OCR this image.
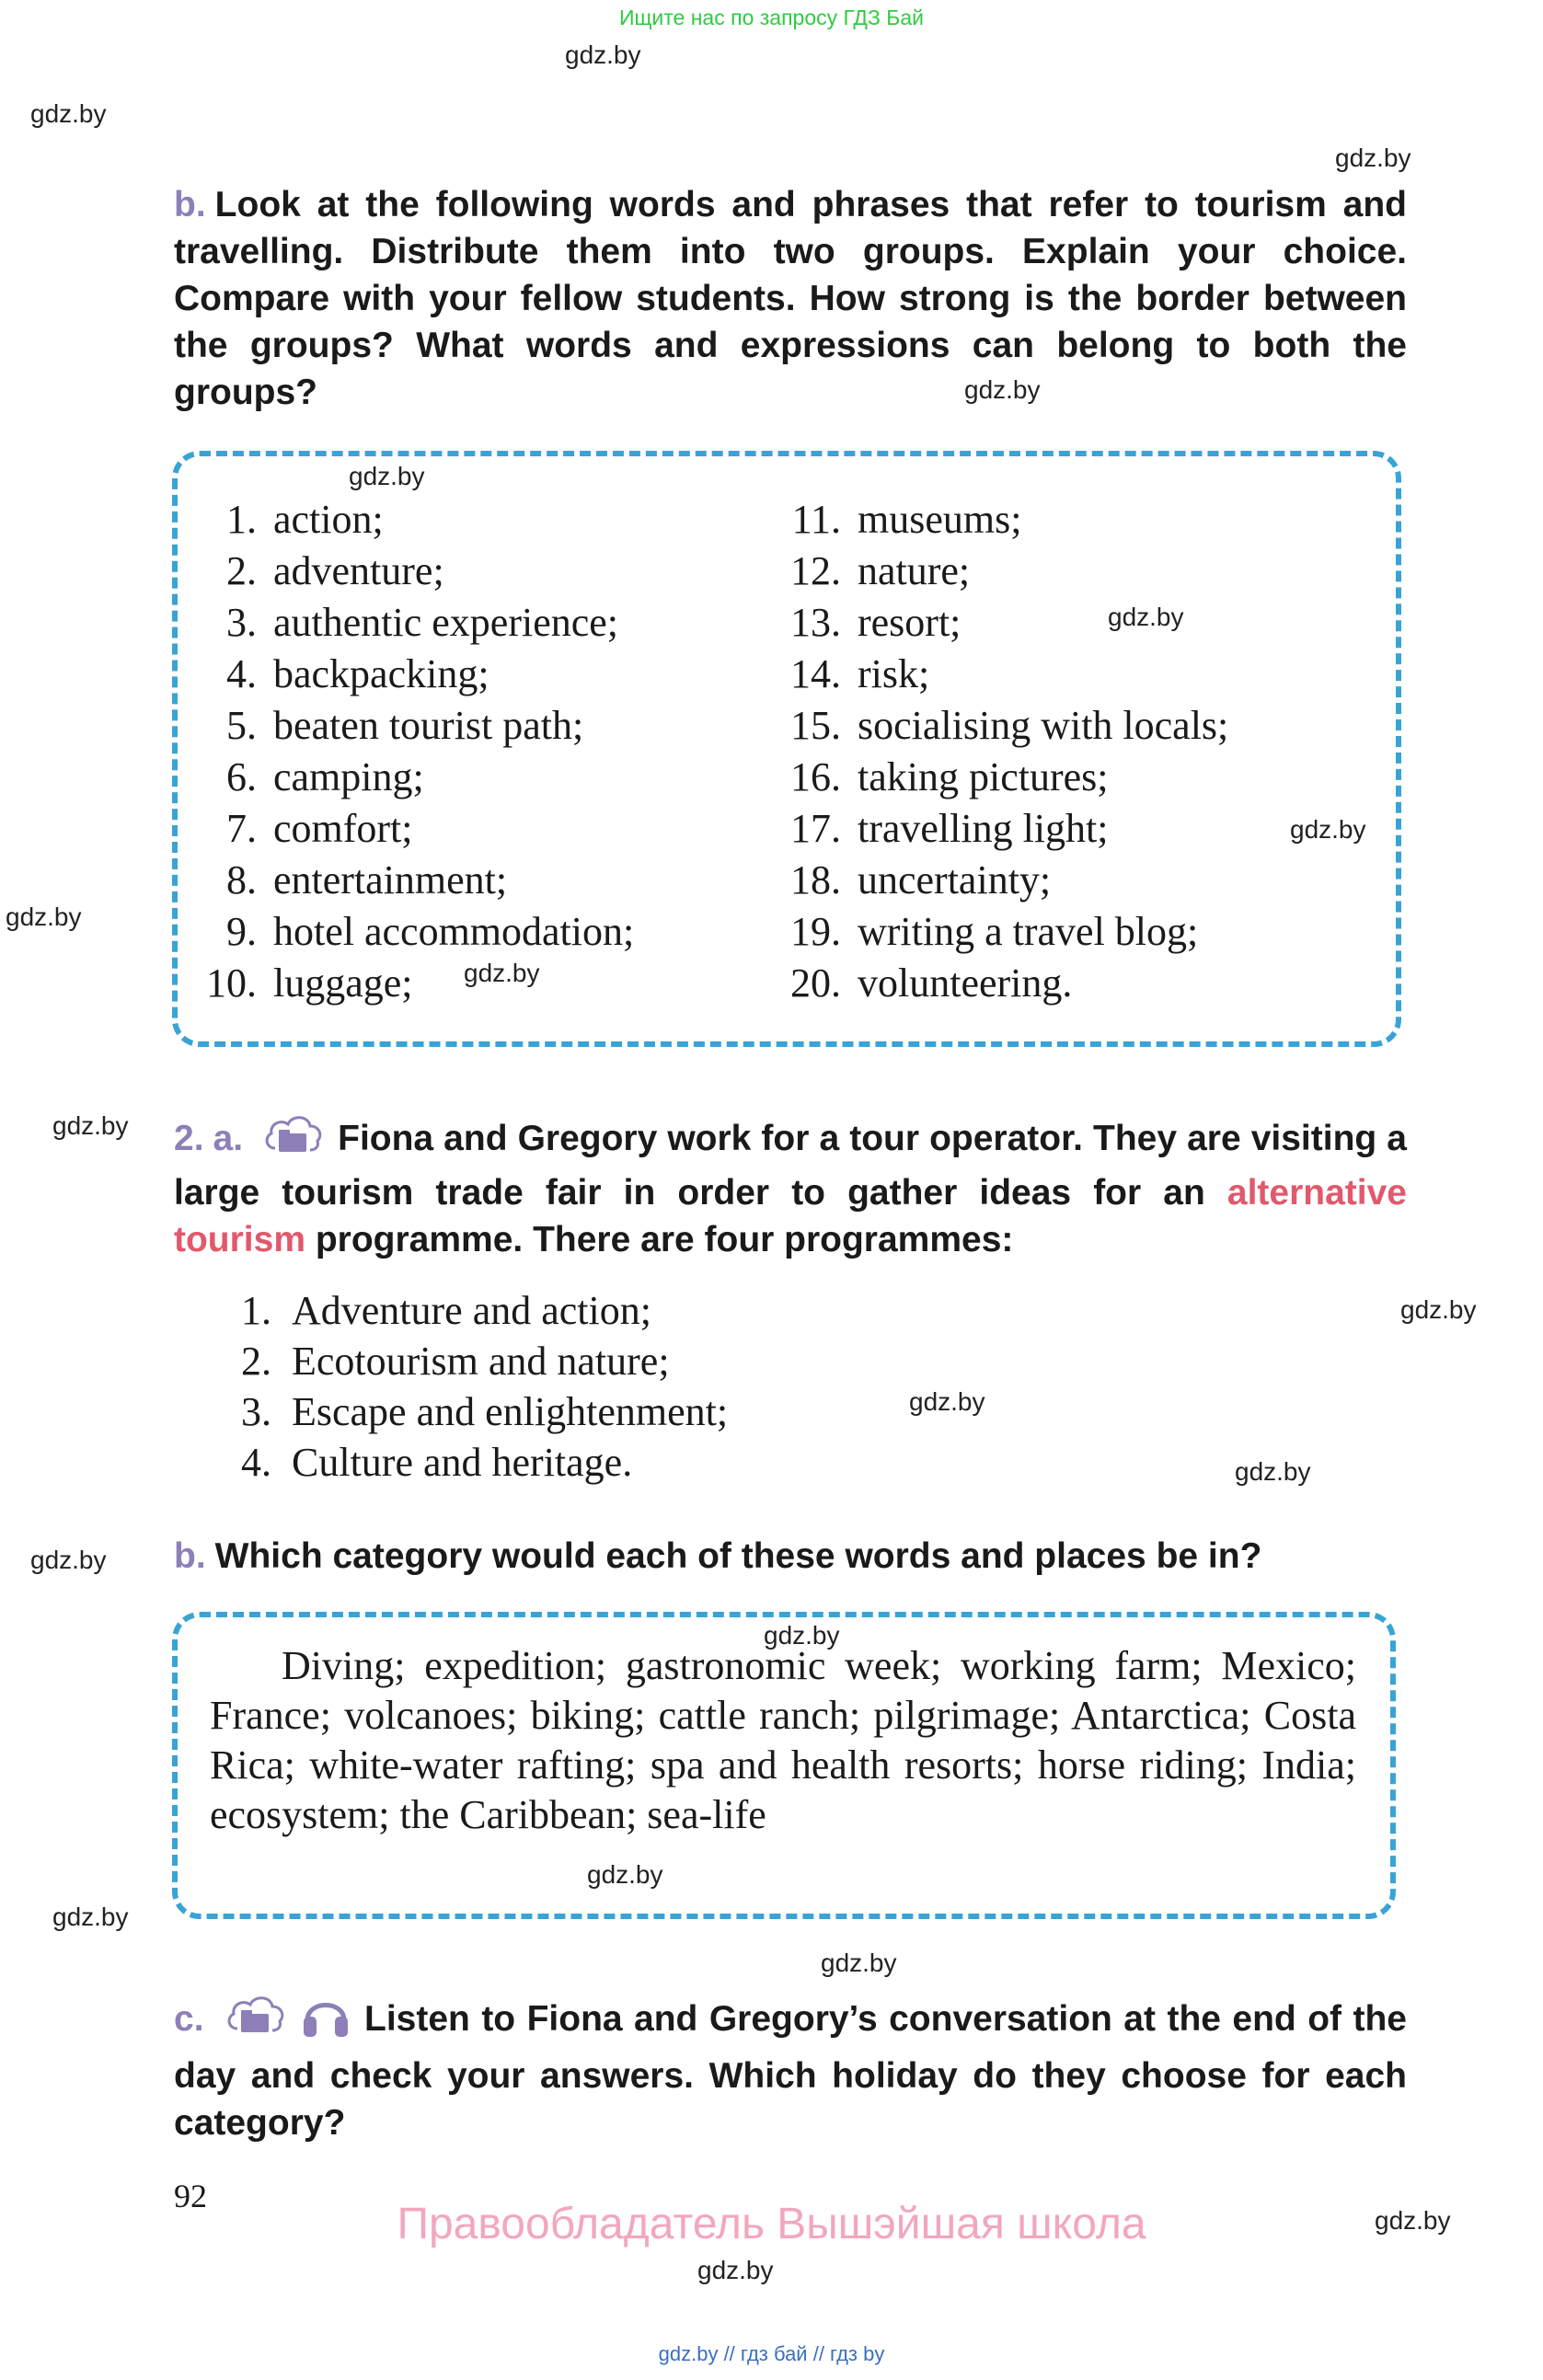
Ищите нас по запросу ГДЗ Бай
gdz.by
gdz.by
gdz.by
gdz.by
gdz.by
gdz.by
gdz.by
gdz.by
gdz.by
gdz.by
gdz.by
gdz.by
gdz.by
gdz.by
gdz.by
gdz.by
gdz.by
gdz.by
gdz.by
gdz.by
b. Look at the following words and phrases that refer to tourism and travelling. Distribute them into two groups. Explain your choice. Compare with your fellow students. How strong is the border between the groups? What words and expressions can belong to both the groups?
1. action;
2. adventure;
3. authentic experience;
4. backpacking;
5. beaten tourist path;
6. camping;
7. comfort;
8. entertainment;
9. hotel accommodation;
10. luggage;
11. museums;
12. nature;
13. resort;
14. risk;
15. socialising with locals;
16. taking pictures;
17. travelling light;
18. uncertainty;
19. writing a travel blog;
20. volunteering.
2. a.	Fiona and Gregory work for a tour operator. They are visiting a large tourism trade fair in order to gather ideas for an alternative tourism programme. There are four programmes:
1. Adventure and action;
2. Ecotourism and nature;
3. Escape and enlightenment;
4. Culture and heritage.
b. Which category would each of these words and places be in?
Diving; expedition; gastronomic week; working farm; Mexico; France; volcanoes; biking; cattle ranch; pilgrimage; Antarctica; Costa Rica; white-water rafting; spa and health resorts; horse riding; India; ecosystem; the Caribbean; sea-life
c.	Listen to Fiona and Gregory’s conversation at the end of the day and check your answers. Which holiday do they choose for each category?
92
Правообладатель Вышэйшая школа
gdz.by // гдз бай // гдз by
